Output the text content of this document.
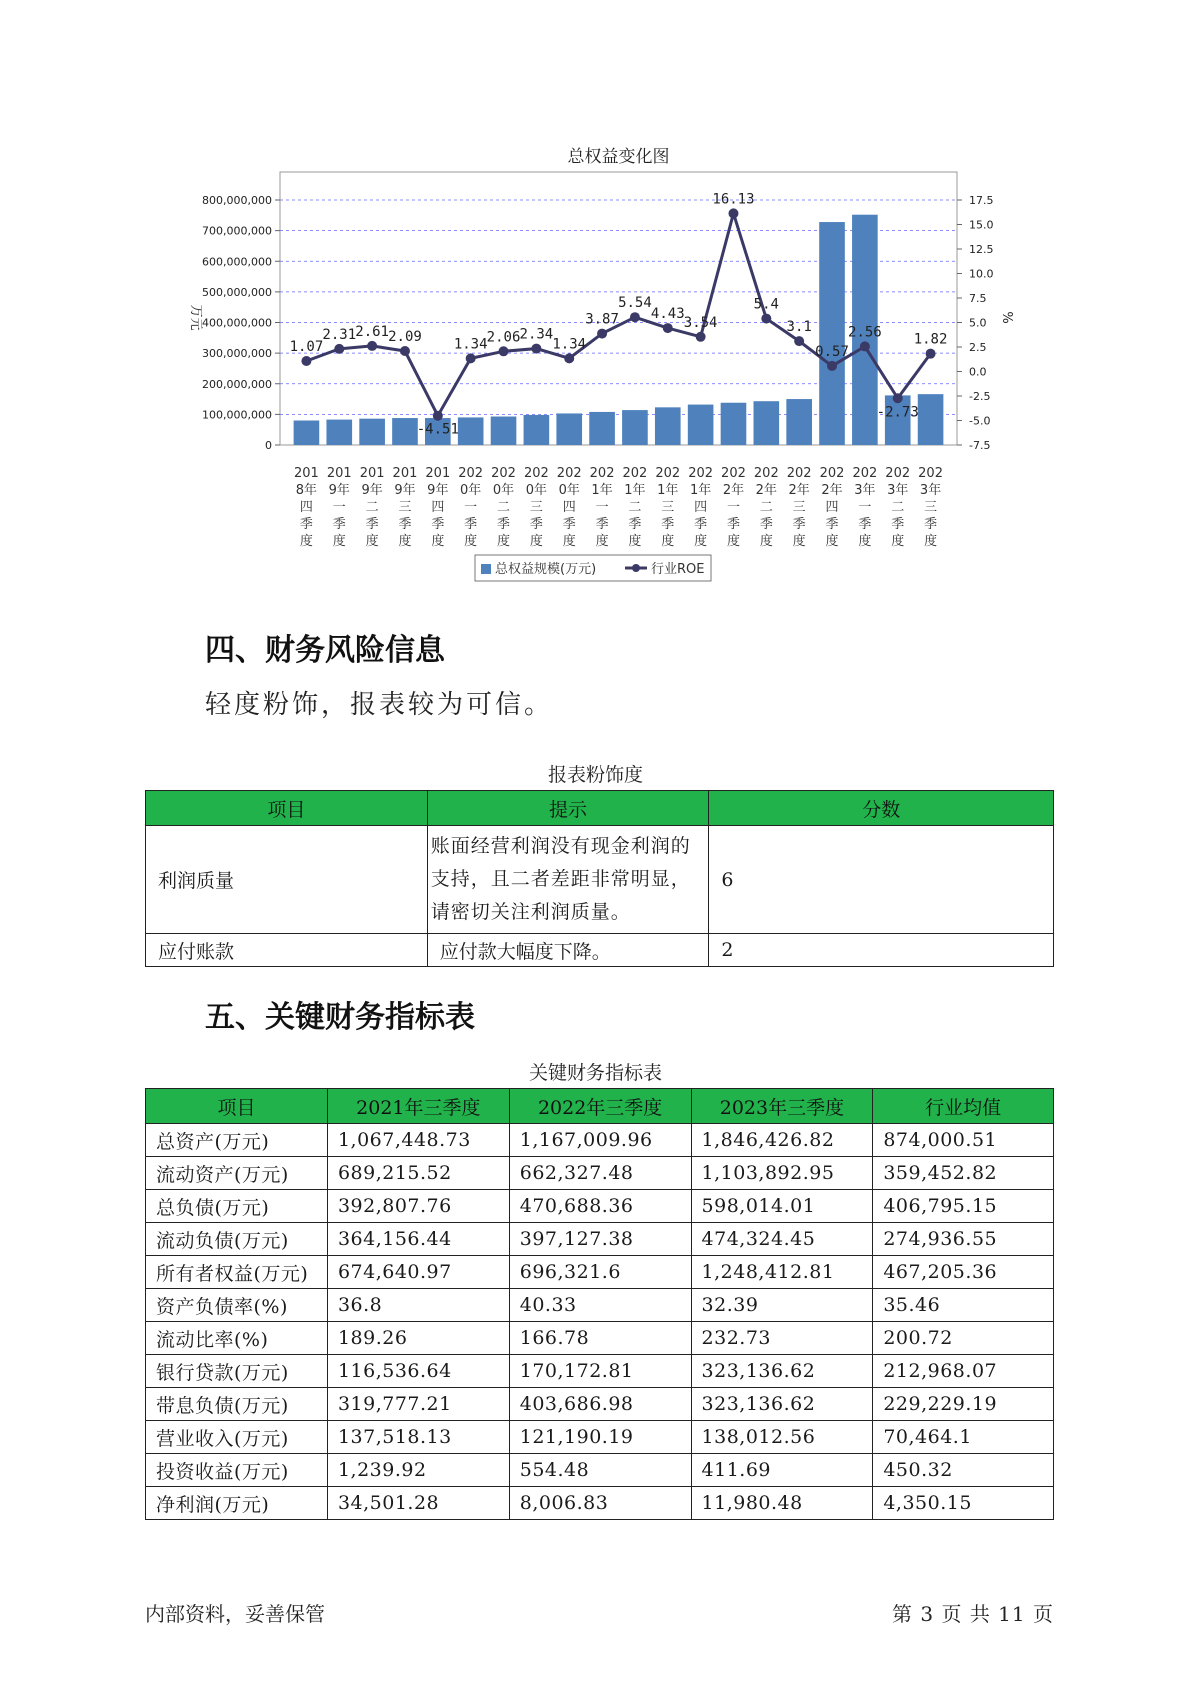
总权益变化图
800,000,000
700,000,000
600,000,000
500,000,000
400,000,000
300,000,000
200,000,000
100,000,000
0
17.5
15.0
12.5
10.0
7.5
5.0
2.5
0.0
-2.5
-5.0
-7.5
万元	%
201
8年
四
季
度
201
9年
一
季
度
201
9年
二
季
度
201
9年
三
季
度
201
9年
四
季
度
202
0年
一
季
度
202
0年
二
季
度
202
0年
三
季
度
202
0年
四
季
度
202
1年
一
季
度
202
1年
二
季
度
202
1年
三
季
度
202
1年
四
季
度
202
2年
一
季
度
202
2年
二
季
度
202
2年
三
季
度
202
2年
四
季
度
202
3年
一
季
度
202
3年
二
季
度
202
3年
三
季
度
1.07
2.31 2.61 2.09
-4.51
1.34 2.06 2.34
1.34
3.87
5.54
4.43
3.54
16.13
5.4
3.1
0.57
2.56
-2.73
1.82
总权益规模(万元)	行业ROE
四、财务风险信息
轻度粉饰，报表较为可信。
报表粉饰度
项目	提示	分数
利润质量	账面经营利润没有现金利润的支持，且二者差距非常明显，请密切关注利润质量。	6
应付账款	应付款大幅度下降。	2
五、关键财务指标表
关键财务指标表
项目	2021年三季度	2022年三季度	2023年三季度	行业均值
总资产(万元)	1,067,448.73	1,167,009.96	1,846,426.82	874,000.51
流动资产(万元)	689,215.52	662,327.48	1,103,892.95	359,452.82
总负债(万元)	392,807.76	470,688.36	598,014.01	406,795.15
流动负债(万元)	364,156.44	397,127.38	474,324.45	274,936.55
所有者权益(万元)	674,640.97	696,321.6	1,248,412.81	467,205.36
资产负债率(%)	36.8	40.33	32.39	35.46
流动比率(%)	189.26	166.78	232.73	200.72
银行贷款(万元)	116,536.64	170,172.81	323,136.62	212,968.07
带息负债(万元)	319,777.21	403,686.98	323,136.62	229,229.19
营业收入(万元)	137,518.13	121,190.19	138,012.56	70,464.1
投资收益(万元)	1,239.92	554.48	411.69	450.32
净利润(万元)	34,501.28	8,006.83	11,980.48	4,350.15
内部资料，妥善保管	第 3 页 共 11 页
